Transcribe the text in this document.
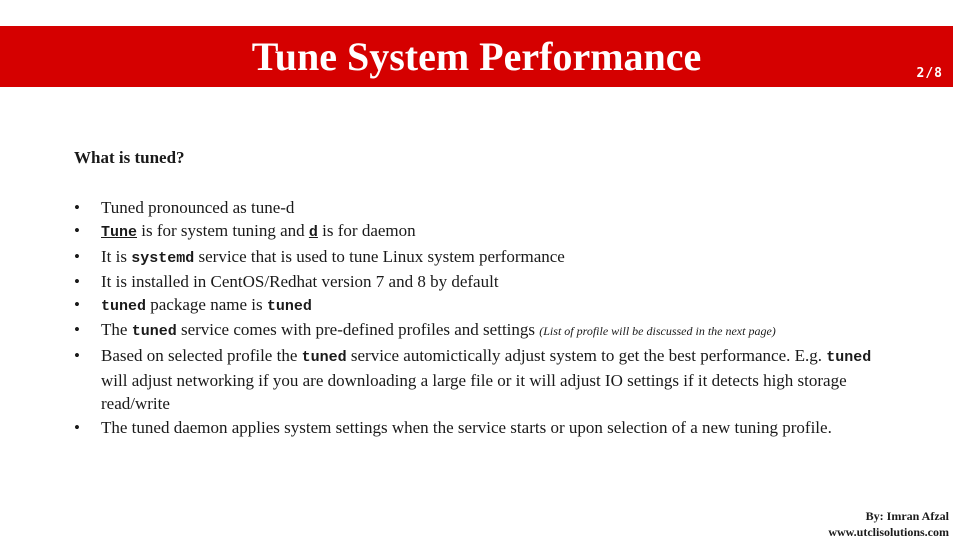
Tune System Performance	2/8
What is tuned?
• Tuned pronounced as tune-d
• Tune is for system tuning and d is for daemon
• It is systemd service that is used to tune Linux system performance
• It is installed in CentOS/Redhat version 7 and 8 by default
• tuned package name is tuned
• The tuned service comes with pre-defined profiles and settings (List of profile will be discussed in the next page)
• Based on selected profile the tuned service automictically adjust system to get the best performance. E.g. tuned will adjust networking if you are downloading a large file or it will adjust IO settings if it detects high storage read/write
• The tuned daemon applies system settings when the service starts or upon selection of a new tuning profile.
By: Imran Afzal
www.utclisolutions.com
